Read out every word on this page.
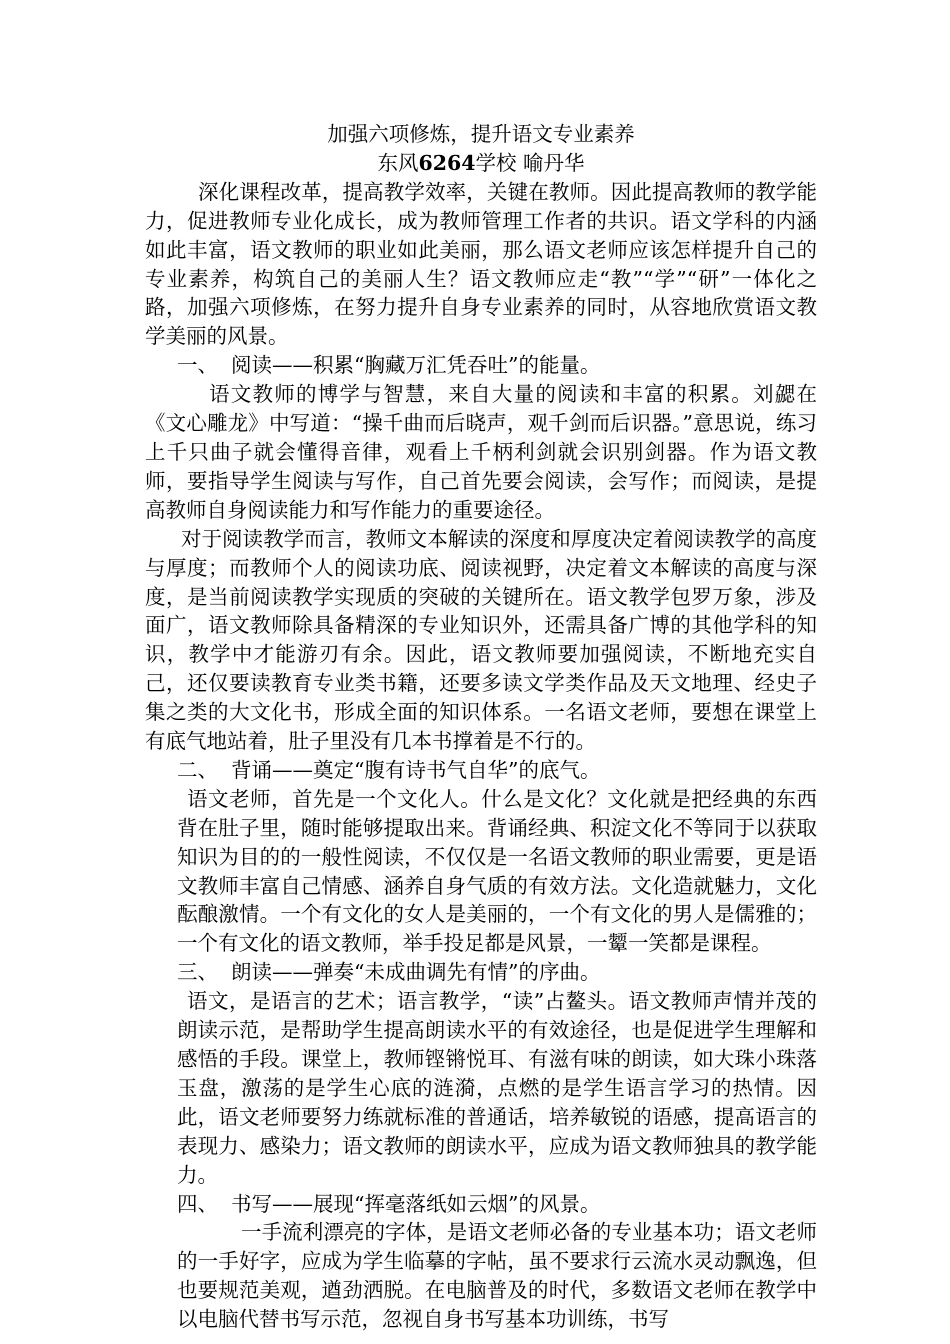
加强六项修炼，提升语文专业素养
东风6264学校 喻丹华

深化课程改革，提高教学效率，关键在教师。因此提高教师的教学能力，促进教师专业化成长，成为教师管理工作者的共识。语文学科的内涵如此丰富，语文教师的职业如此美丽，那么语文老师应该怎样提升自己的专业素养，构筑自己的美丽人生？语文教师应走“教”“学”“研”一体化之路，加强六项修炼，在努力提升自身专业素养的同时，从容地欣赏语文教学美丽的风景。

一、 阅读——积累“胸藏万汇凭吞吐”的能量。

语文教师的博学与智慧，来自大量的阅读和丰富的积累。刘勰在《文心雕龙》中写道：“操千曲而后晓声，观千剑而后识器。”意思说，练习上千只曲子就会懂得音律，观看上千柄利剑就会识别剑器。作为语文教师，要指导学生阅读与写作，自己首先要会阅读，会写作；而阅读，是提高教师自身阅读能力和写作能力的重要途径。

对于阅读教学而言，教师文本解读的深度和厚度决定着阅读教学的高度与厚度；而教师个人的阅读功底、阅读视野，决定着文本解读的高度与深度，是当前阅读教学实现质的突破的关键所在。语文教学包罗万象，涉及面广，语文教师除具备精深的专业知识外，还需具备广博的其他学科的知识，教学中才能游刃有余。因此，语文教师要加强阅读，不断地充实自己，还仅要读教育专业类书籍，还要多读文学类作品及天文地理、经史子集之类的大文化书，形成全面的知识体系。一名语文老师，要想在课堂上有底气地站着，肚子里没有几本书撑着是不行的。

二、 背诵——奠定“腹有诗书气自华”的底气。

语文老师，首先是一个文化人。什么是文化？文化就是把经典的东西背在肚子里，随时能够提取出来。背诵经典、积淀文化不等同于以获取知识为目的的一般性阅读，不仅仅是一名语文教师的职业需要，更是语文教师丰富自己情感、涵养自身气质的有效方法。文化造就魅力，文化酝酿激情。一个有文化的女人是美丽的，一个有文化的男人是儒雅的；一个有文化的语文教师，举手投足都是风景，一颦一笑都是课程。

三、 朗读——弹奏“未成曲调先有情”的序曲。

语文，是语言的艺术；语言教学，“读”占鳌头。语文教师声情并茂的朗读示范，是帮助学生提高朗读水平的有效途径，也是促进学生理解和感悟的手段。课堂上，教师铿锵悦耳、有滋有味的朗读，如大珠小珠落玉盘，激荡的是学生心底的涟漪，点燃的是学生语言学习的热情。因此，语文老师要努力练就标准的普通话，培养敏锐的语感，提高语言的表现力、感染力；语文教师的朗读水平，应成为语文教师独具的教学能力。

四、 书写——展现“挥毫落纸如云烟”的风景。

一手流利漂亮的字体，是语文老师必备的专业基本功；语文老师的一手好字，应成为学生临摹的字帖，虽不要求行云流水灵动飘逸，但也要规范美观，遒劲洒脱。在电脑普及的时代，多数语文老师在教学中以电脑代替书写示范，忽视自身书写基本功训练，书写
